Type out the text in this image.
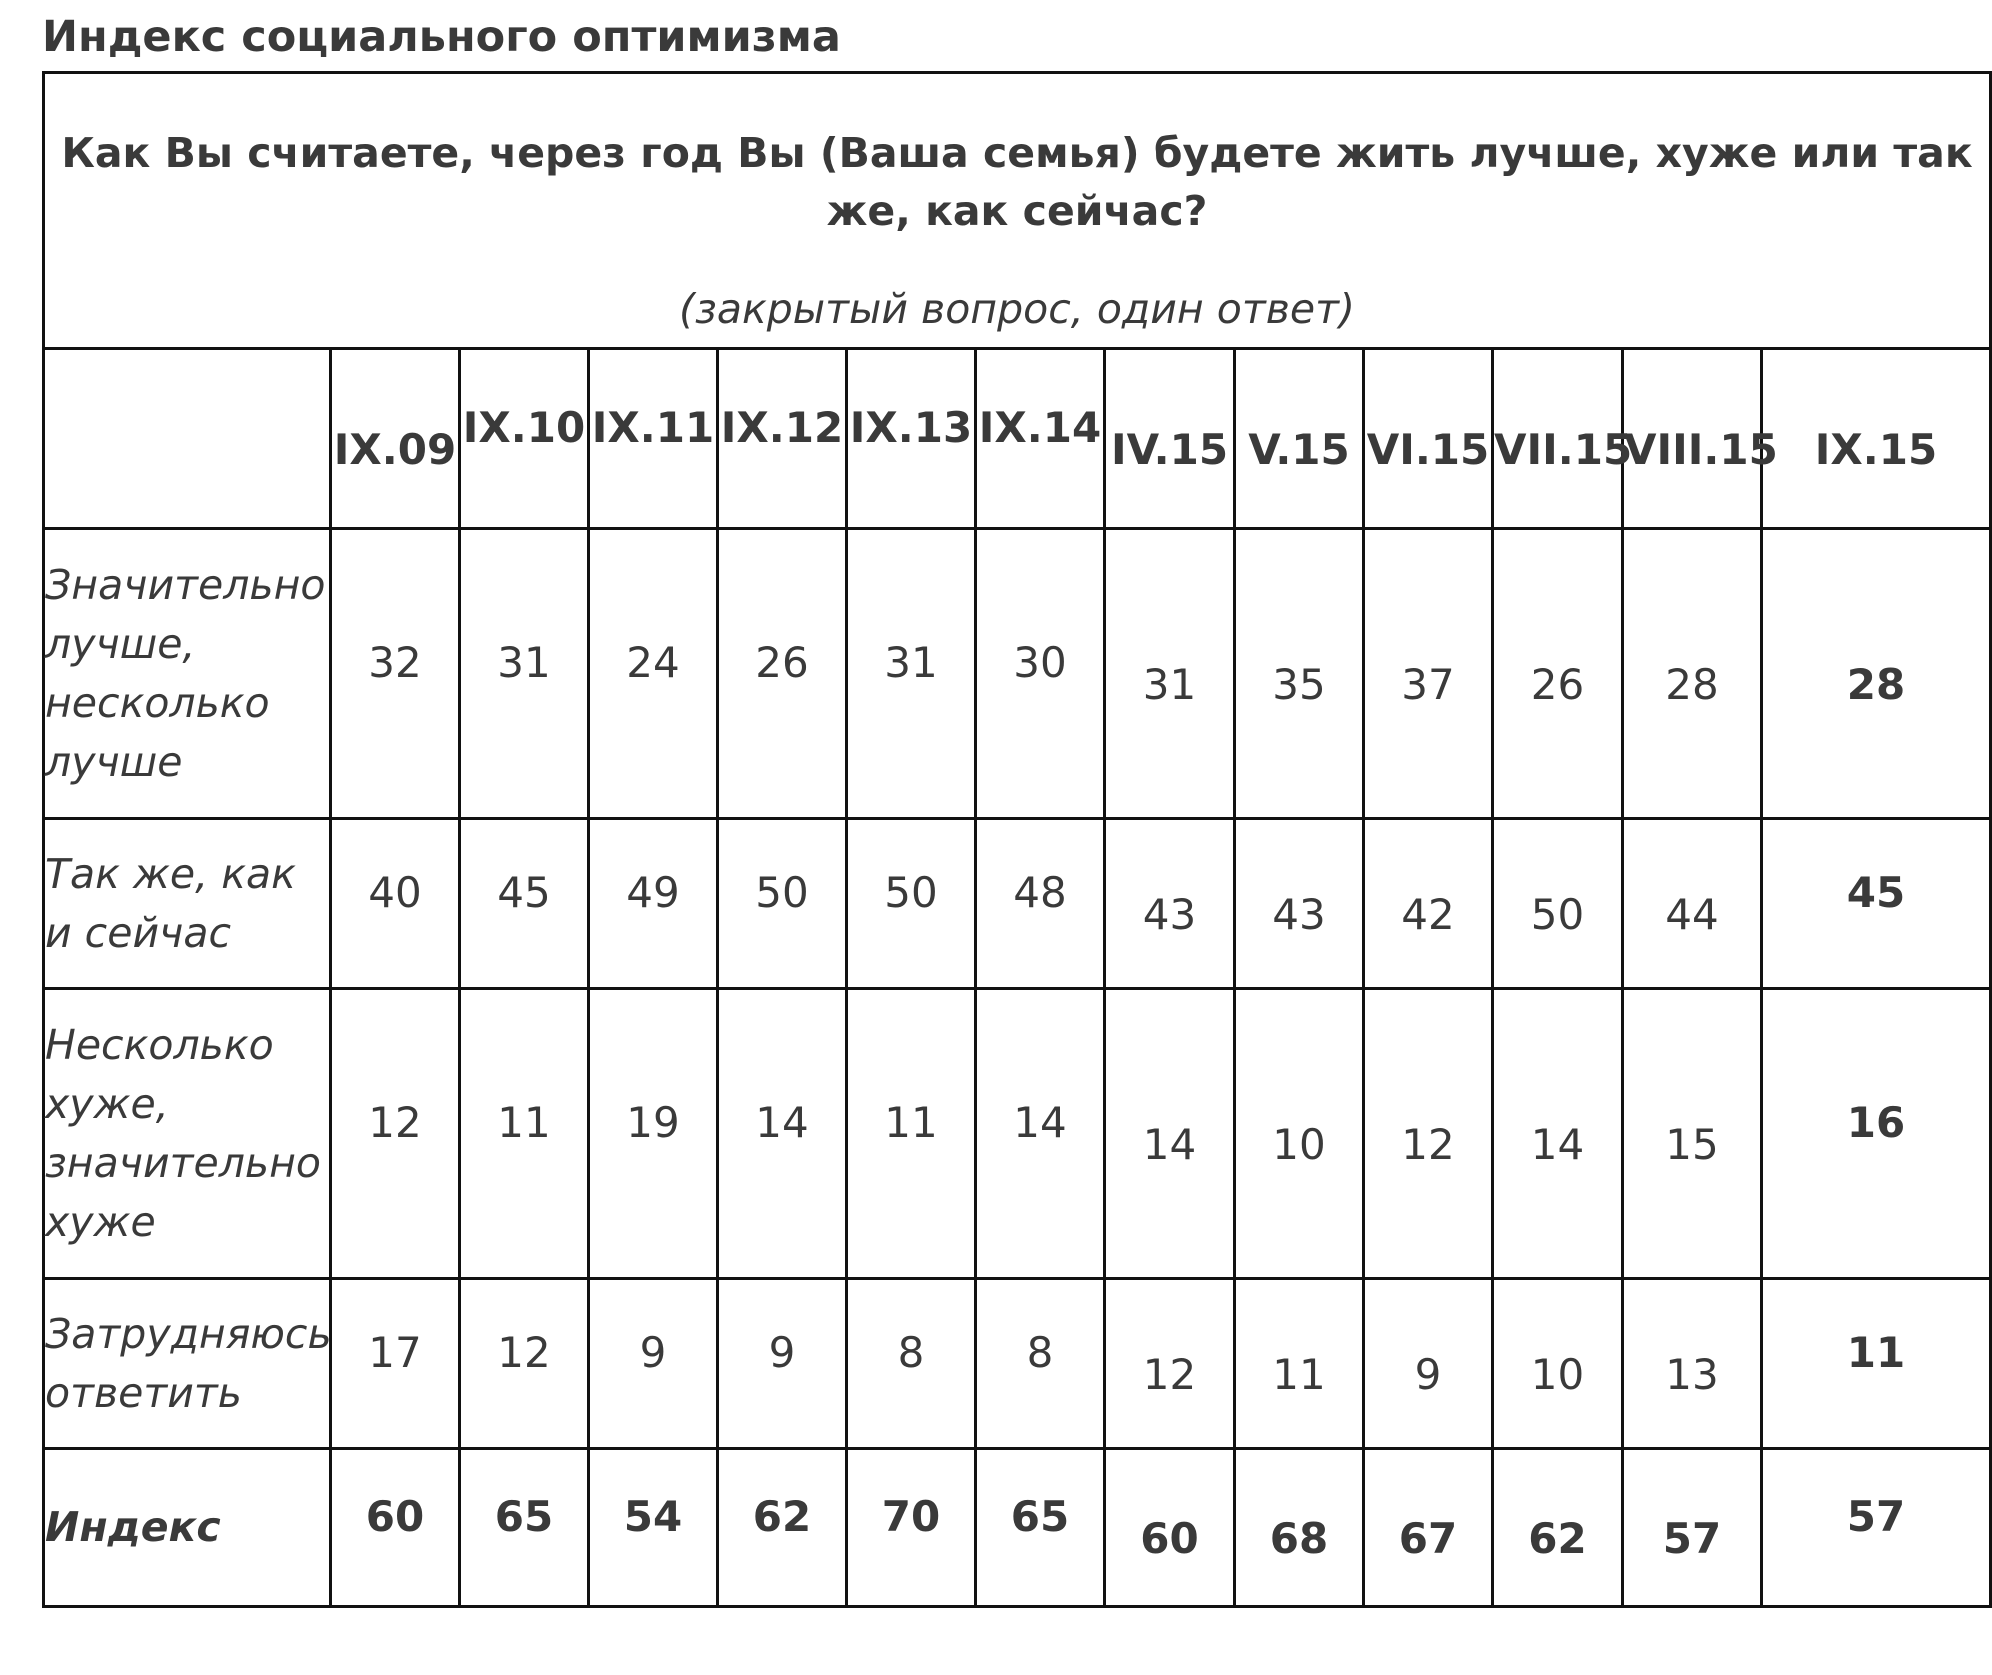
Индекс социального оптимизма
Как Вы считаете, через год Вы (Ваша семья) будете жить лучше, хуже или так же, как сейчас?
(закрытый вопрос, один ответ)												

	IX.09	IX.10	IX.11	IX.12	IX.13	IX.14	IV.15	V.15	VI.15	VII.15	VIII.15	IX.15
Значительно лучше, несколько лучше	32	31	24	26	31	30	31	35	37	26	28	28
Так же, как и сейчас	40	45	49	50	50	48	43	43	42	50	44	45
Несколько хуже, значительно хуже	12	11	19	14	11	14	14	10	12	14	15	16
Затрудняюсь ответить	17	12	9	9	8	8	12	11	9	10	13	11
Индекс	60	65	54	62	70	65	60	68	67	62	57	57
